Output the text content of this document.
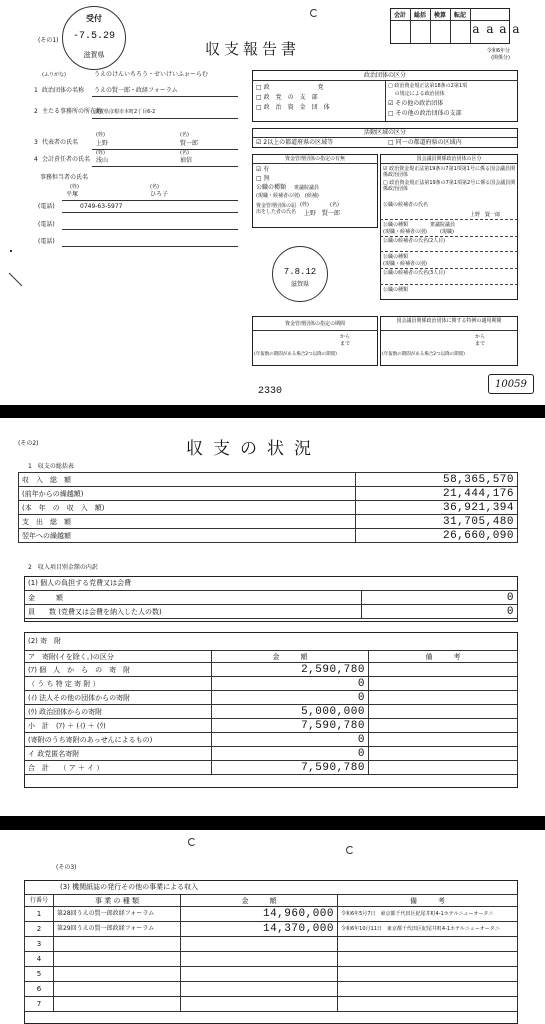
(その1)
受付
-7.5.29
滋賀県	収支報告書
会計	総括	検算	転記
a a a a
令和6年分
(関係分)
(ふりがな)	うえのけんいちろう・せいけいふぉーらむ
1 政治団体の名称 うえの賢一郎・政経フォーラム
2 主たる事務所の所在地
滋賀県彦根市本町2丁目6-2
(姓)	(名)
3 代表者の氏名	上野	賢一郎
(姓)	(名)
4 会計責任者の氏名 浅山	禎信
事務担当者の氏名
(姓)	(名)
平塚	ひろ子
(電話)	0749-63-5977
(電話)
(電話)
政治団体の区分
□ 政　　　　　　　　党
□ 政　党　の　支　部
□ 政　治　資　金　団　体
□ 政治資金規正法第18条の2第1項
　 の規定による政治団体
☑ その他の政治団体
□ その他の政治団体の支部
活動区域の区分
☑ 2以上の都道府県の区域等	□ 同一の都道府県の区域内
資金管理団体の指定の有無
☑ 有
□ 無
公職の種類 衆議院議員
(現職・候補者の別)　(候補)
(姓)	(名)
資金管理団体の届出をした者の氏名	上野　賢一郎
国会議員関係政治団体の区分
☑ 政治資金規正法第19条の7第1項第1号に係る国会議員関係政治団体
□ 政治資金規正法第19条の7第1項第2号に係る国会議員関係政治団体
公職の候補者の氏名
上野　賢一郎
公職の種類	衆議院議員
(現職・候補者の別)	(現職)
公職の候補者の氏名(2人目)
公職の種類
(現職・候補者の別)
公職の候補者の氏名(3人目)
公職の種類
7.8.12
滋賀県
資金管理団体の指定の期間
から
まで
(年報数の期間がある場合2つ以降の期間)
国会議員関係政治団体に関する特例の適用期間
から
まで
(年報数の期間がある場合2つ以降の期間)
2330
10059
(その2)	収支の状況
1　収支の総括表
収　入　総　額	58,365,570
(前年からの繰越額)	21,444,176
(本　年　の　収　入　額)	36,921,394
支　出　総　額	31,705,480
翌年への繰越額	26,660,090
2　収入項目別金額の内訳
(1) 個人の負担する党費又は会費
金　　　額	0
員　　数 (党費又は会費を納入した人の数)	0
(2) 寄　附
ア　寄附(イを除く。)の区分	金　　　額	備　　　考
(ｱ) 個　人　か　ら　の　寄　附	2,590,780	
（ う ち 特 定 寄 附 ）	0	
(ｲ) 法人その他の団体からの寄附	0	
(ｳ) 政治団体からの寄附	5,000,000	
小　計　(ｱ) ＋ (ｲ) ＋ (ｳ)	7,590,780	
(寄附のうち寄附のあっせんによるもの)	0	
イ 政党匿名寄附	0	
合　計　　（ ア ＋ イ ）	7,590,780	
(その3)
(3) 機関紙誌の発行その他の事業による収入
行番号	事 業 の 種 類	金　　　額	備　　　考
1	第28回うえの賢一郎政経フォーラム	14,960,000	令和6年5月7日　東京都千代田区紀尾井町4-1ホテルニューオータニ
2	第29回うえの賢一郎政経フォーラム	14,370,000	令和6年10月11日　東京都千代田区紀尾井町4-1ホテルニューオータニ
3			
4			
5			
6			
7			
